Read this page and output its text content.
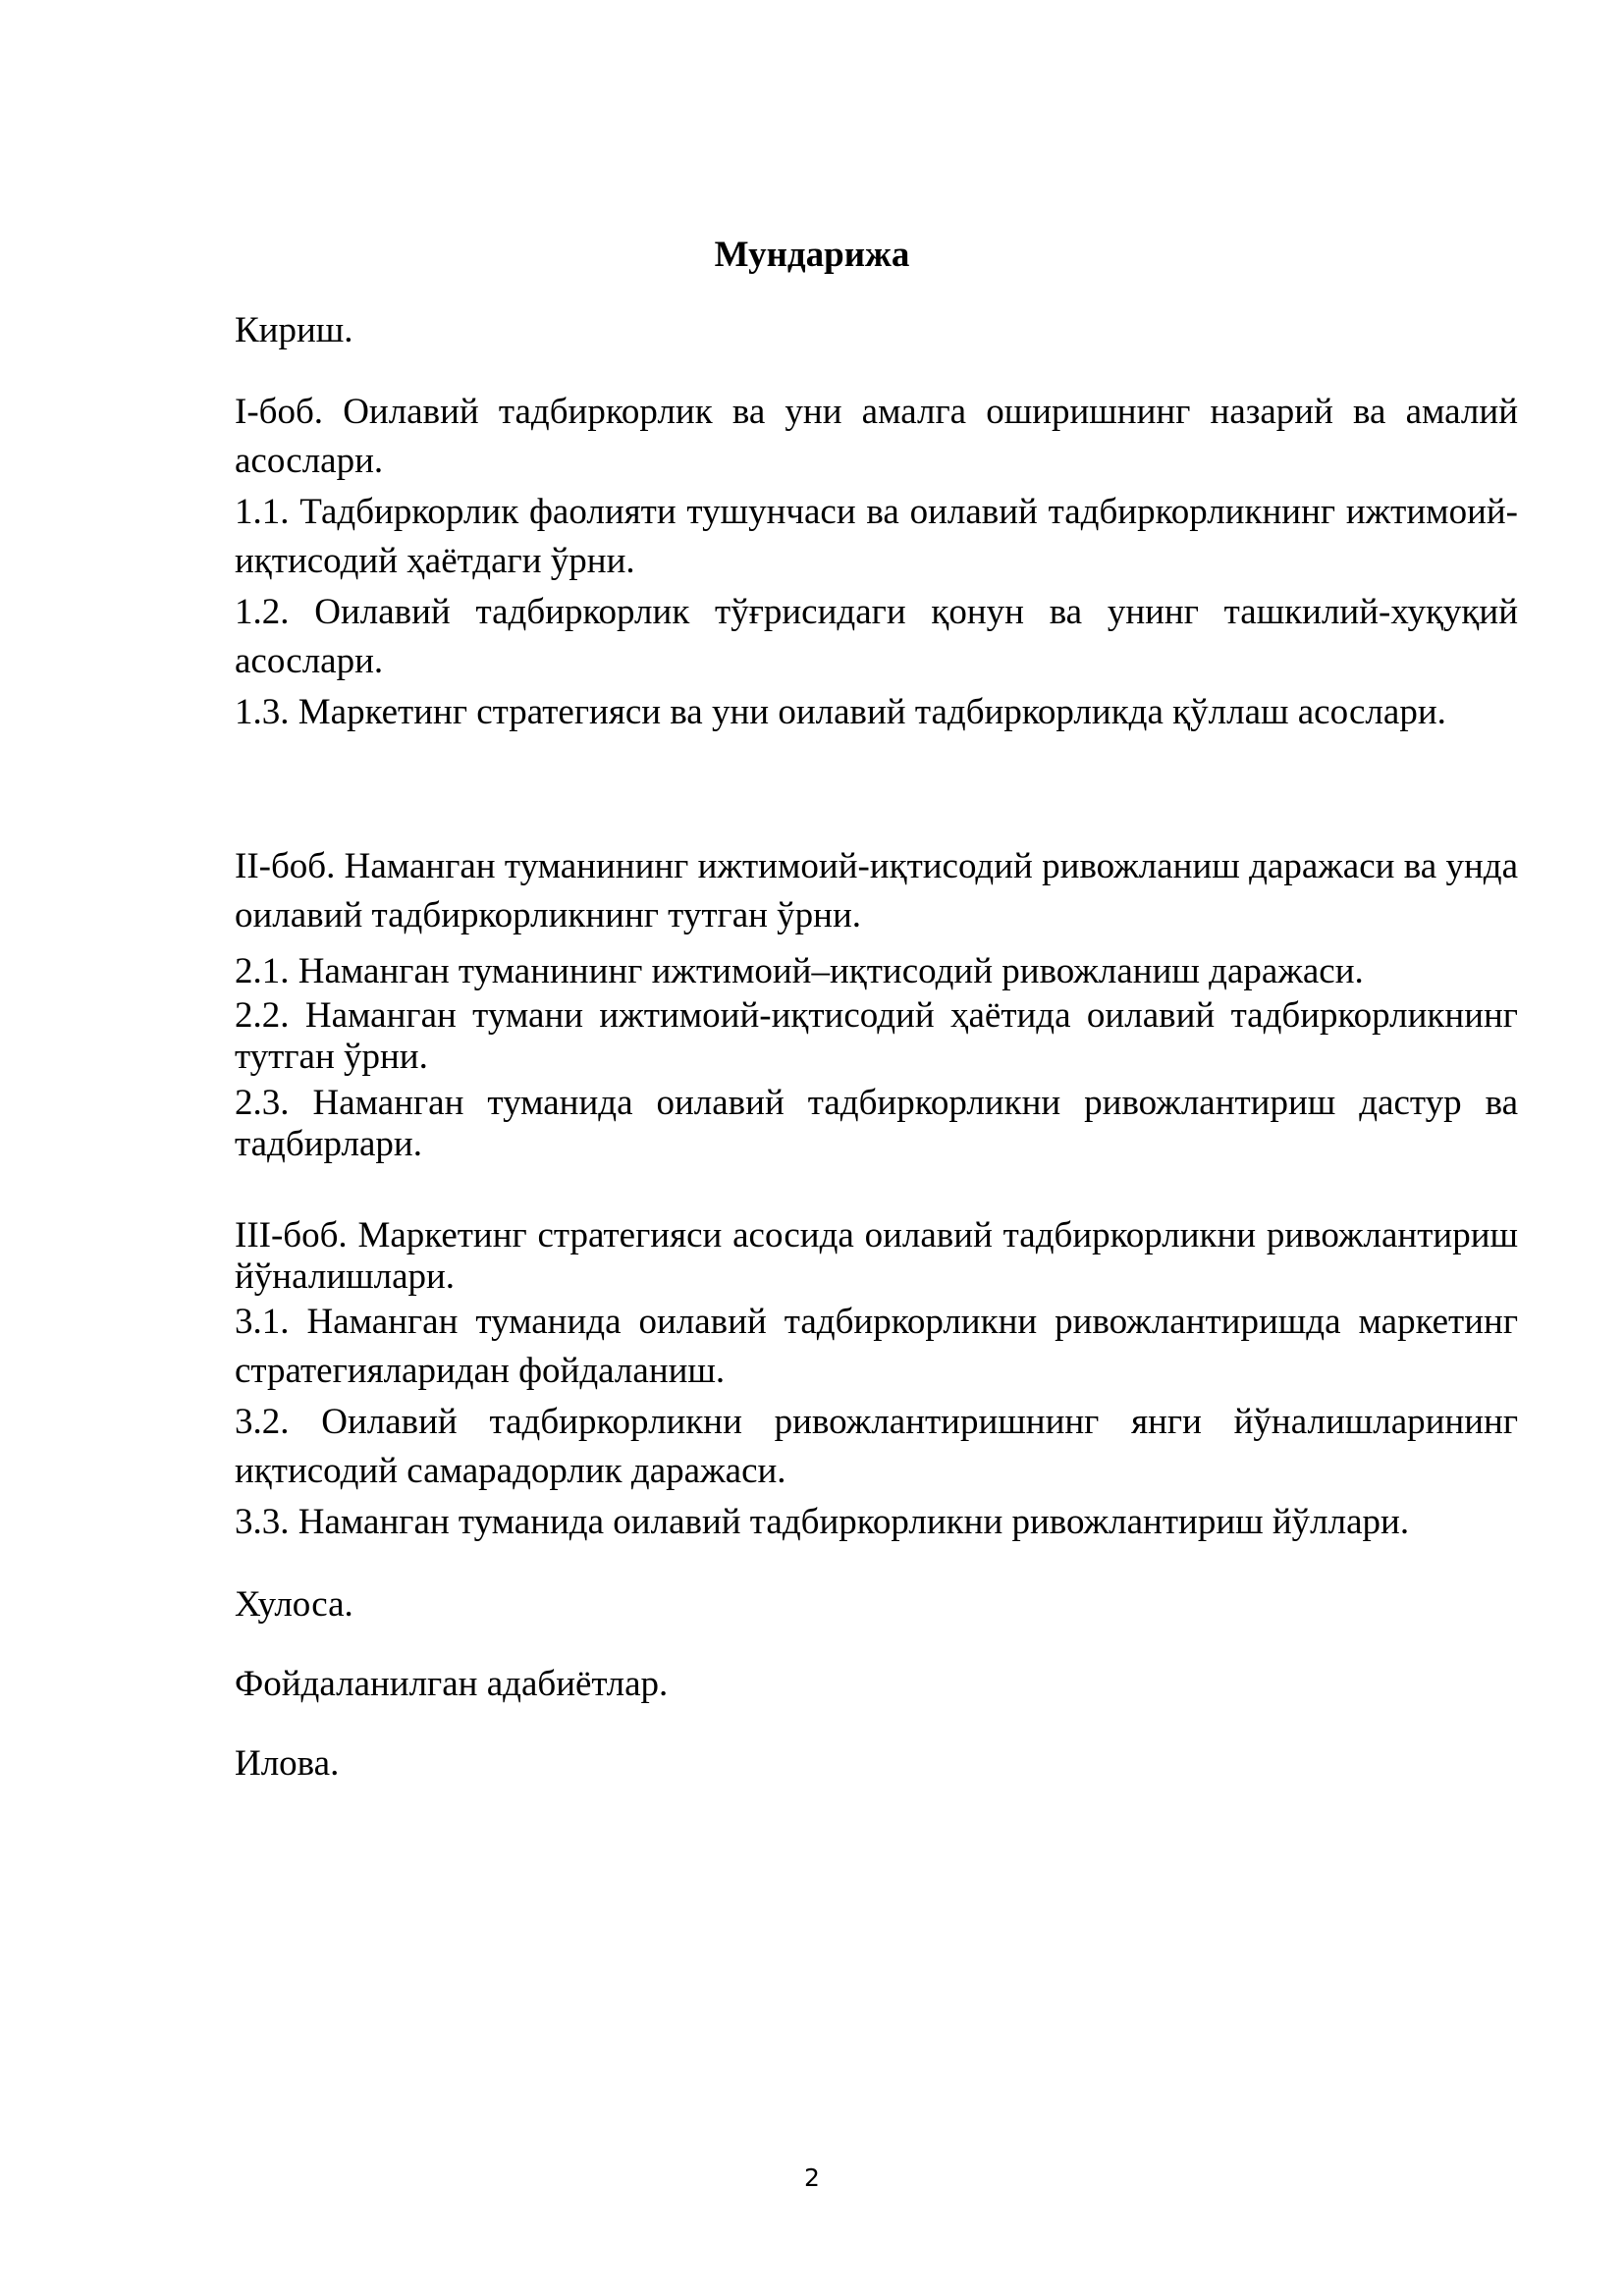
Мундарижа
Кириш.
I-боб. Оилавий тадбиркорлик ва уни амалга оширишнинг назарий ва амалий асослари.
1.1. Тадбиркорлик фаолияти тушунчаси ва оилавий тадбиркорликнинг ижтимоий-иқтисодий ҳаётдаги ўрни.
1.2. Оилавий тадбиркорлик тўғрисидаги қонун ва унинг ташкилий-хуқуқий асослари.
1.3. Маркетинг стратегияси ва уни оилавий тадбиркорликда қўллаш асослари.
II-боб. Наманган туманининг ижтимоий-иқтисодий ривожланиш даражаси ва унда оилавий тадбиркорликнинг тутган ўрни.
2.1. Наманган туманининг ижтимоий–иқтисодий ривожланиш даражаси.
2.2. Наманган тумани ижтимоий-иқтисодий ҳаётида оилавий тадбиркорликнинг тутган ўрни.
2.3. Наманган туманида оилавий тадбиркорликни ривожлантириш дастур ва тадбирлари.
III-боб. Маркетинг стратегияси асосида оилавий тадбиркорликни ривожлантириш йўналишлари.
3.1. Наманган туманида оилавий тадбиркорликни ривожлантиришда маркетинг стратегияларидан фойдаланиш.
3.2. Оилавий тадбиркорликни ривожлантиришнинг янги йўналишларининг иқтисодий самарадорлик даражаси.
3.3. Наманган туманида оилавий тадбиркорликни ривожлантириш йўллари.
Хулоса.
Фойдаланилган адабиётлар.
Илова.
2
